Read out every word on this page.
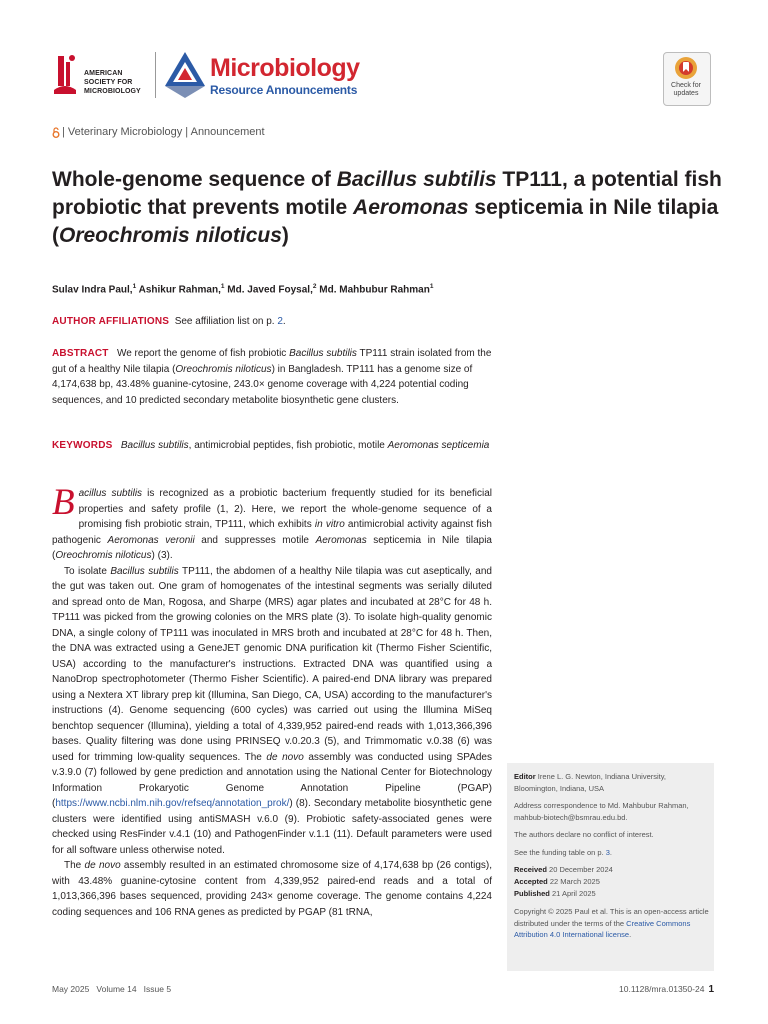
AMERICAN
SOCIETY FOR
MICROBIOLOGY
Microbiology
Resource Announcements	Check for
updates
| Veterinary Microbiology | Announcement
Whole-genome sequence of Bacillus subtilis TP111, a potential fish probiotic that prevents motile Aeromonas septicemia in Nile tilapia (Oreochromis niloticus)
Sulav Indra Paul,$^1$ Ashikur Rahman,$^1$ Md. Javed Foysal,$^2$ Md. Mahbubur Rahman$^1$
AUTHOR AFFILIATIONS See affiliation list on p. 2.
ABSTRACT We report the genome of fish probiotic Bacillus subtilis TP111 strain isolated from the gut of a healthy Nile tilapia (Oreochromis niloticus) in Bangladesh. TP111 has a genome size of 4,174,638 bp, 43.48% guanine-cytosine, 243.0× genome coverage with 4,224 potential coding sequences, and 10 predicted secondary metabolite biosynthetic gene clusters.
KEYWORDS Bacillus subtilis, antimicrobial peptides, fish probiotic, motile Aeromonas septicemia

Bacillus subtilis is recognized as a probiotic bacterium frequently studied for its beneficial properties and safety profile (1, 2). Here, we report the whole-genome sequence of a promising fish probiotic strain, TP111, which exhibits in vitro antimicrobial activity against fish pathogenic Aeromonas veronii and suppresses motile Aeromonas septicemia in Nile tilapia (Oreochromis niloticus) (3).

To isolate Bacillus subtilis TP111, the abdomen of a healthy Nile tilapia was cut aseptically, and the gut was taken out. One gram of homogenates of the intestinal segments was serially diluted and spread onto de Man, Rogosa, and Sharpe (MRS) agar plates and incubated at 28°C for 48 h. TP111 was picked from the growing colonies on the MRS plate (3). To isolate high-quality genomic DNA, a single colony of TP111 was inoculated in MRS broth and incubated at 28°C for 48 h. Then, the DNA was extracted using a GeneJET genomic DNA purification kit (Thermo Fisher Scientific, USA) according to the manufacturer's instructions. Extracted DNA was quantified using a NanoDrop spectrophotometer (Thermo Fisher Scientific). A paired-end DNA library was prepared using a Nextera XT library prep kit (Illumina, San Diego, CA, USA) according to the manufacturer's instructions (4). Genome sequencing (600 cycles) was carried out using the Illumina MiSeq benchtop sequencer (Illumina), yielding a total of 4,339,952 paired-end reads with 1,013,366,396 bases. Quality filtering was done using PRINSEQ v.0.20.3 (5), and Trimmomatic v.0.38 (6) was used for trimming low-quality sequences. The de novo assembly was conducted using SPAdes v.3.9.0 (7) followed by gene prediction and annotation using the National Center for Biotechnology Information Prokaryotic Genome Annotation Pipeline (PGAP) (https://www.ncbi.nlm.nih.gov/refseq/annotation_prok/) (8). Secondary metabolite biosynthetic gene clusters were identified using antiSMASH v.6.0 (9). Probiotic safety-associated genes were checked using ResFinder v.4.1 (10) and PathogenFinder v.1.1 (11). Default parameters were used for all software unless otherwise noted.

The de novo assembly resulted in an estimated chromosome size of 4,174,638 bp (26 contigs), with 43.48% guanine-cytosine content from 4,339,952 paired-end reads and a total of 1,013,366,396 bases sequenced, providing 243× genome coverage. The genome contains 4,224 coding sequences and 106 RNA genes as predicted by PGAP (81 tRNA,

Editor Irene L. G. Newton, Indiana University, Bloomington, Indiana, USA

Address correspondence to Md. Mahbubur Rahman, mahbub-biotech@bsmrau.edu.bd.

The authors declare no conflict of interest.

See the funding table on p. 3.

Received 20 December 2024
Accepted 22 March 2025
Published 21 April 2025

Copyright © 2025 Paul et al. This is an open-access article distributed under the terms of the Creative Commons Attribution 4.0 International license.

May 2025   Volume 14   Issue 5	10.1128/mra.01350-24 1
